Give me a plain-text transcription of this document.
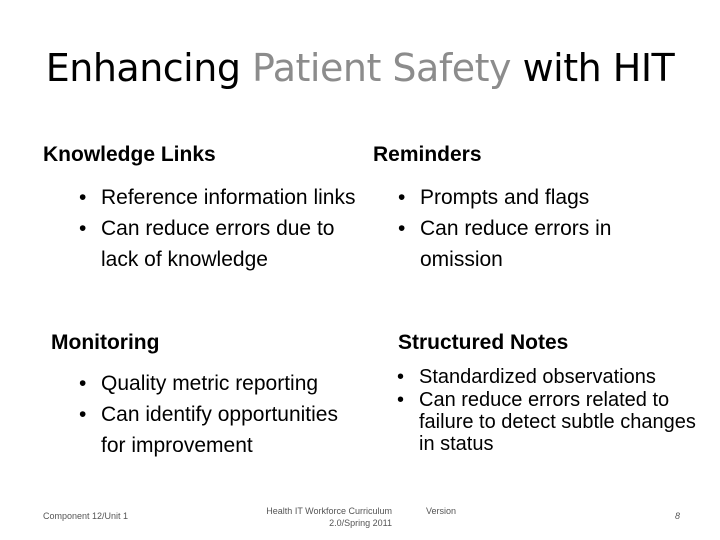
Enhancing Patient Safety with HIT
Knowledge Links
• Reference information links
• Can reduce errors due to lack of knowledge
Reminders
• Prompts and flags
• Can reduce errors in omission
Monitoring
• Quality metric reporting
• Can identify opportunities for improvement
Structured Notes
• Standardized observations
• Can reduce errors related to failure to detect subtle changes in status
Component 12/Unit 1	Health IT Workforce Curriculum
2.0/Spring 2011
Version	8
